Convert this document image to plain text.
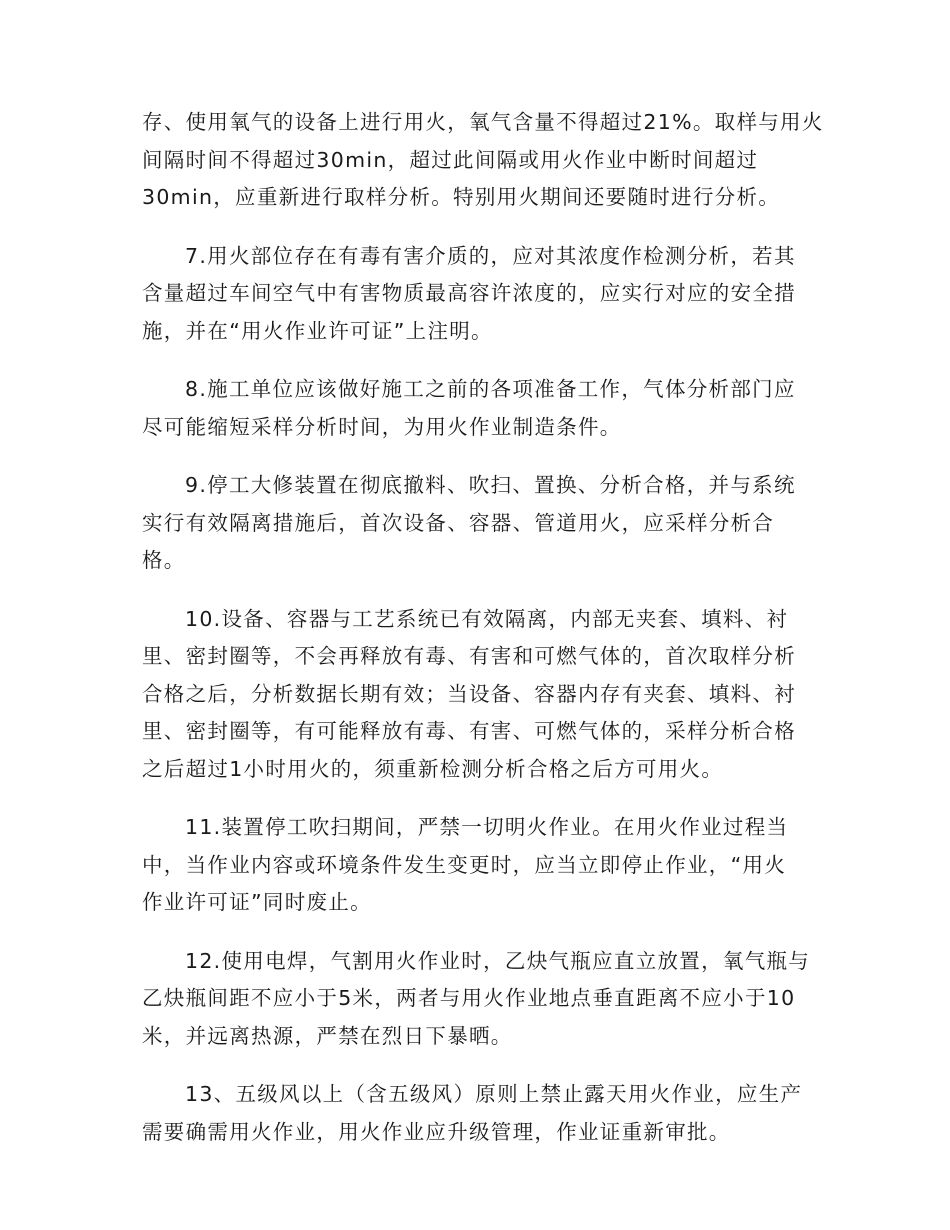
存、使用氧气的设备上进行用火，氧气含量不得超过21%。取样与用火
间隔时间不得超过30min，超过此间隔或用火作业中断时间超过
30min，应重新进行取样分析。特别用火期间还要随时进行分析。
7.用火部位存在有毒有害介质的，应对其浓度作检测分析，若其
含量超过车间空气中有害物质最高容许浓度的，应实行对应的安全措
施，并在“用火作业许可证”上注明。
8.施工单位应该做好施工之前的各项准备工作，气体分析部门应
尽可能缩短采样分析时间，为用火作业制造条件。
9.停工大修装置在彻底撤料、吹扫、置换、分析合格，并与系统
实行有效隔离措施后，首次设备、容器、管道用火，应采样分析合
格。
10.设备、容器与工艺系统已有效隔离，内部无夹套、填料、衬
里、密封圈等，不会再释放有毒、有害和可燃气体的，首次取样分析
合格之后，分析数据长期有效；当设备、容器内存有夹套、填料、衬
里、密封圈等，有可能释放有毒、有害、可燃气体的，采样分析合格
之后超过1小时用火的，须重新检测分析合格之后方可用火。
11.装置停工吹扫期间，严禁一切明火作业。在用火作业过程当
中，当作业内容或环境条件发生变更时，应当立即停止作业，“用火
作业许可证”同时废止。
12.使用电焊，气割用火作业时，乙炔气瓶应直立放置，氧气瓶与
乙炔瓶间距不应小于5米，两者与用火作业地点垂直距离不应小于10
米，并远离热源，严禁在烈日下暴晒。
13、五级风以上（含五级风）原则上禁止露天用火作业，应生产
需要确需用火作业，用火作业应升级管理，作业证重新审批。
